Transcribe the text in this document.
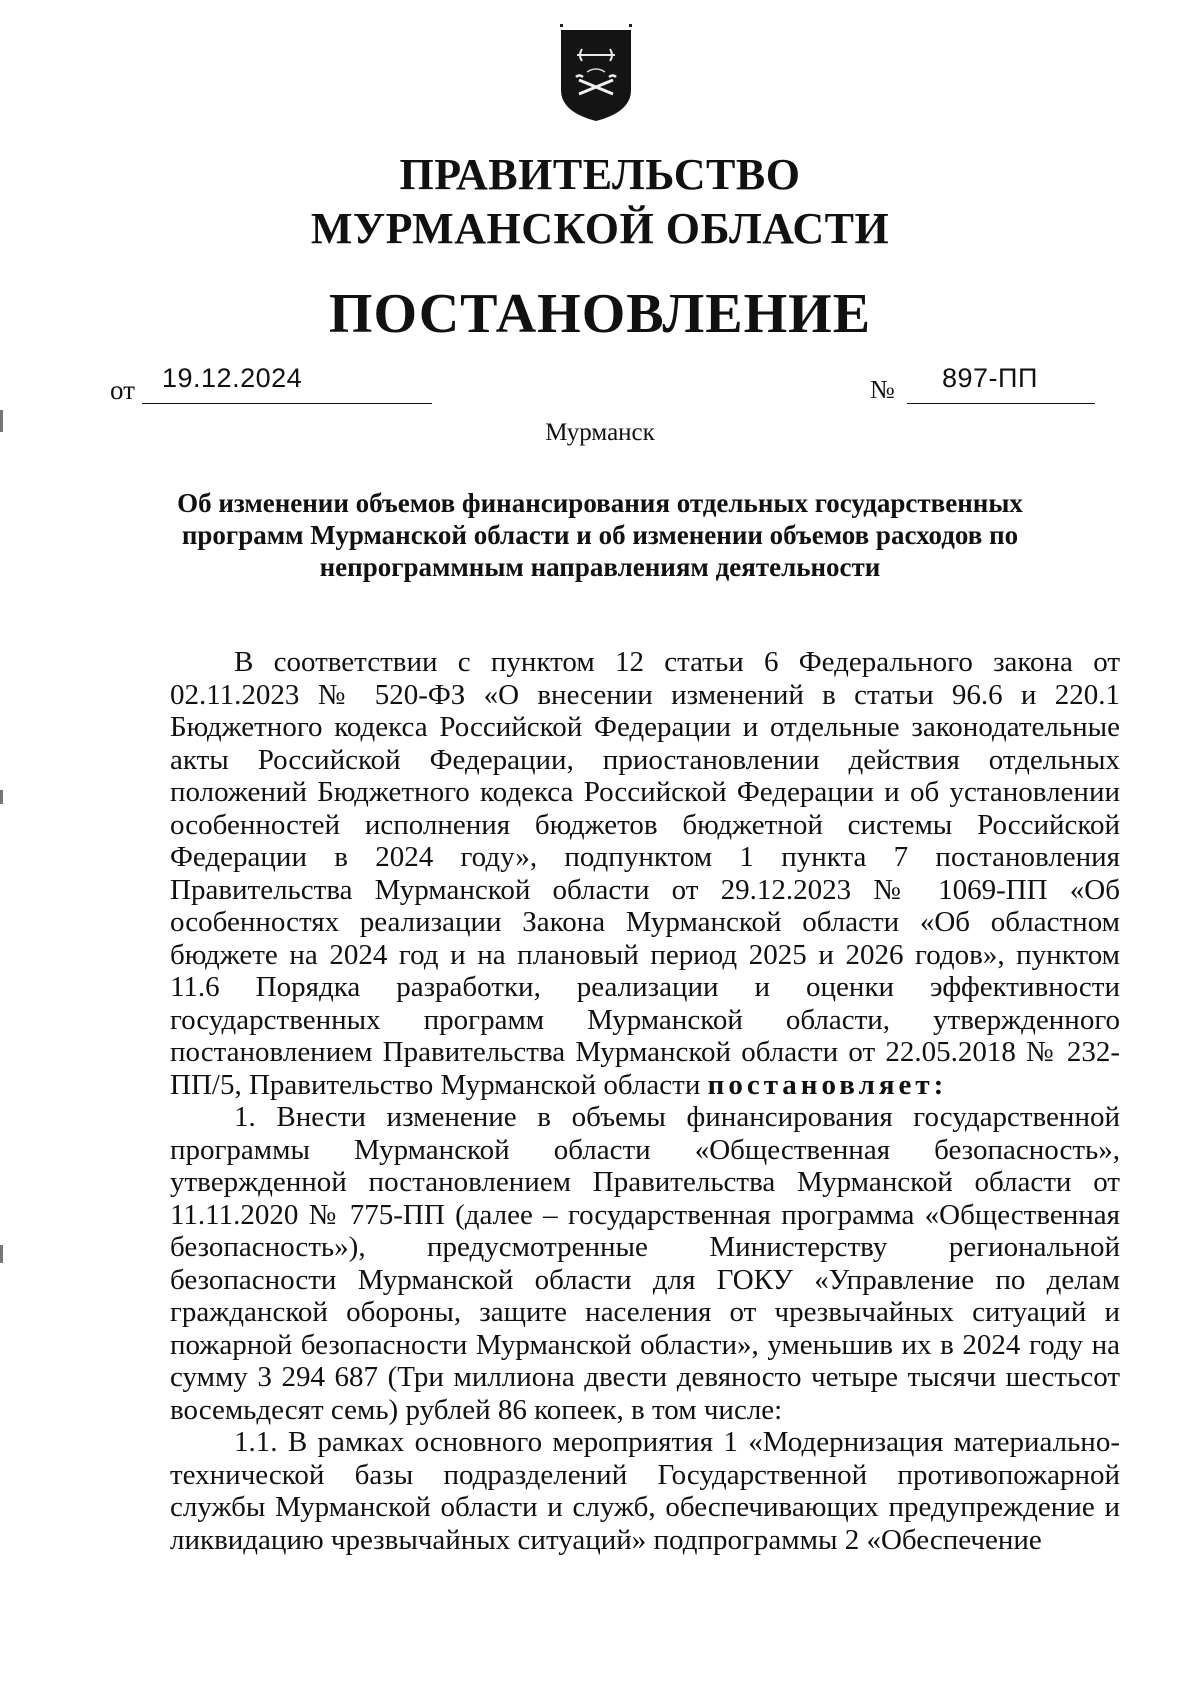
ПРАВИТЕЛЬСТВО
МУРМАНСКОЙ ОБЛАСТИ
ПОСТАНОВЛЕНИЕ
от 19.12.2024	№ 897-ПП
Мурманск
Об изменении объемов финансирования отдельных государственных программ Мурманской области и об изменении объемов расходов по непрограммным направлениям деятельности

В соответствии с пунктом 12 статьи 6 Федерального закона от 02.11.2023 № 520-ФЗ «О внесении изменений в статьи 96.6 и 220.1 Бюджетного кодекса Российской Федерации и отдельные законодательные акты Российской Федерации, приостановлении действия отдельных положений Бюджетного кодекса Российской Федерации и об установлении особенностей исполнения бюджетов бюджетной системы Российской Федерации в 2024 году», подпунктом 1 пункта 7 постановления Правительства Мурманской области от 29.12.2023 № 1069-ПП «Об особенностях реализации Закона Мурманской области «Об областном бюджете на 2024 год и на плановый период 2025 и 2026 годов», пунктом 11.6 Порядка разработки, реализации и оценки эффективности государственных программ Мурманской области, утвержденного постановлением Правительства Мурманской области от 22.05.2018 № 232-ПП/5, Правительство Мурманской области постановляет:

1. Внести изменение в объемы финансирования государственной программы Мурманской области «Общественная безопасность», утвержденной постановлением Правительства Мурманской области от 11.11.2020 № 775-ПП (далее – государственная программа «Общественная безопасность»), предусмотренные Министерству региональной безопасности Мурманской области для ГОКУ «Управление по делам гражданской обороны, защите населения от чрезвычайных ситуаций и пожарной безопасности Мурманской области», уменьшив их в 2024 году на сумму 3 294 687 (Три миллиона двести девяносто четыре тысячи шестьсот восемьдесят семь) рублей 86 копеек, в том числе:

1.1. В рамках основного мероприятия 1 «Модернизация материально-технической базы подразделений Государственной противопожарной службы Мурманской области и служб, обеспечивающих предупреждение и ликвидацию чрезвычайных ситуаций» подпрограммы 2 «Обеспечение
